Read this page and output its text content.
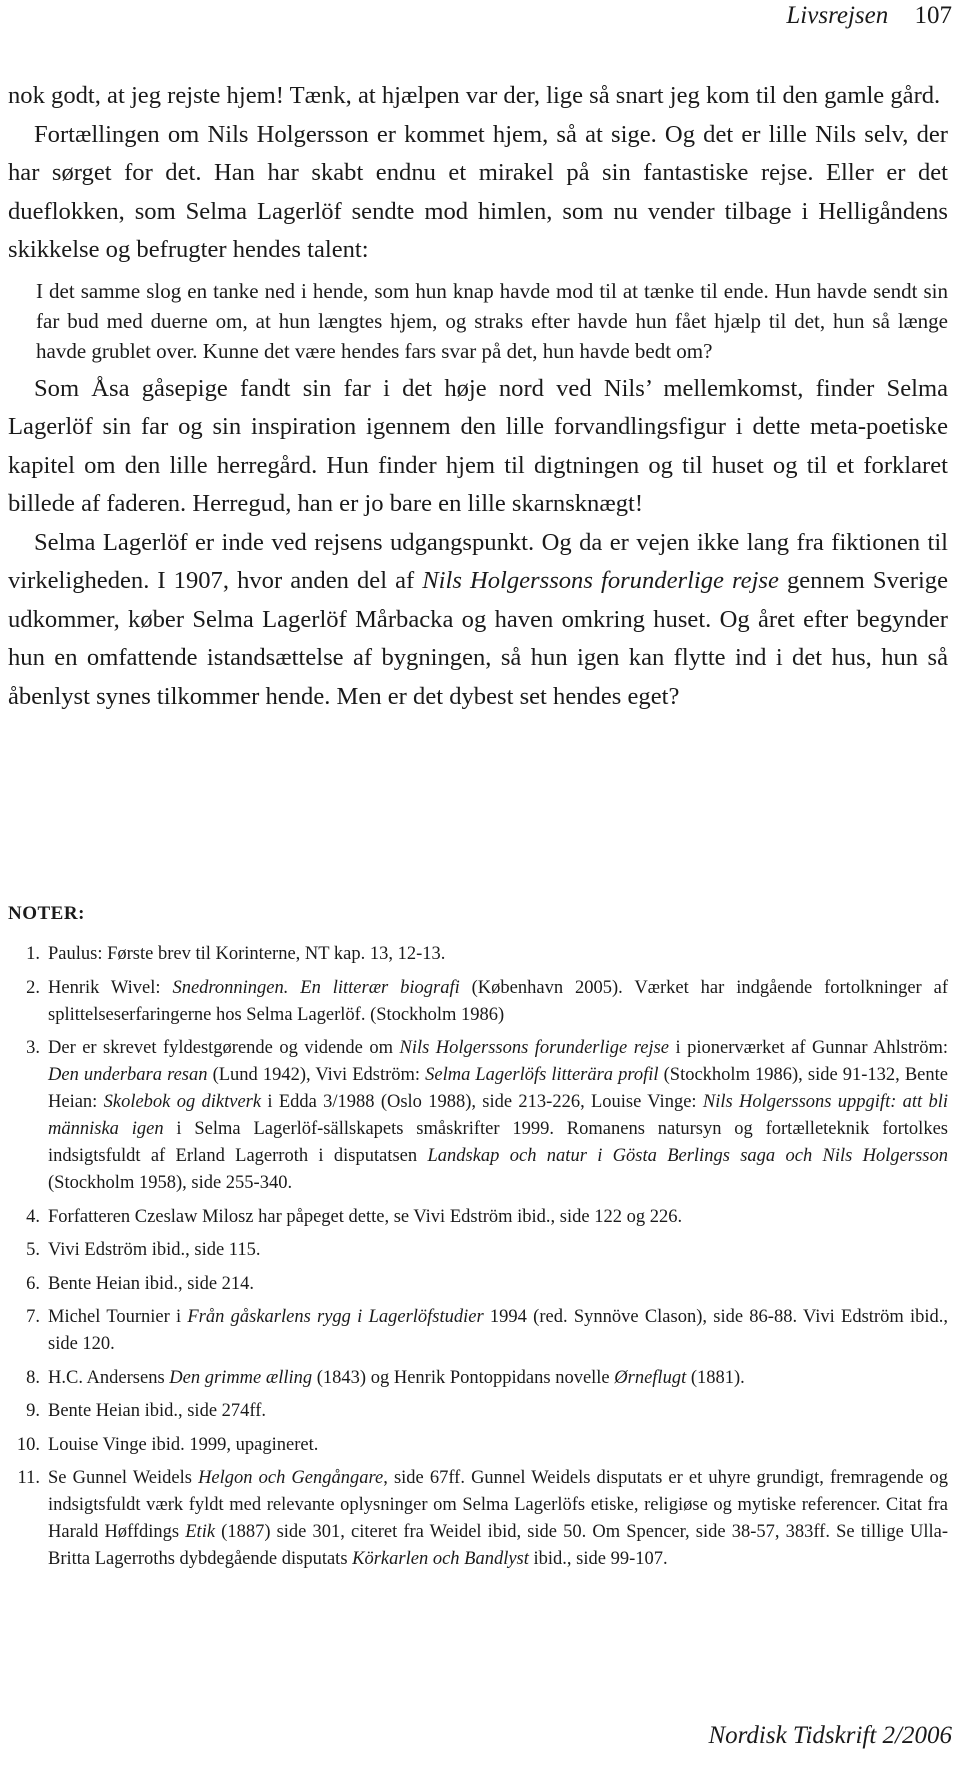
Livsrejsen 107

nok godt, at jeg rejste hjem! Tænk, at hjælpen var der, lige så snart jeg kom til den gamle gård.

Fortællingen om Nils Holgersson er kommet hjem, så at sige. Og det er lille Nils selv, der har sørget for det. Han har skabt endnu et mirakel på sin fantastiske rejse. Eller er det dueflokken, som Selma Lagerlöf sendte mod himlen, som nu vender tilbage i Helligåndens skikkelse og befrugter hendes talent:

I det samme slog en tanke ned i hende, som hun knap havde mod til at tænke til ende. Hun havde sendt sin far bud med duerne om, at hun længtes hjem, og straks efter havde hun fået hjælp til det, hun så længe havde grublet over. Kunne det være hendes fars svar på det, hun havde bedt om?

Som Åsa gåsepige fandt sin far i det høje nord ved Nils’ mellemkomst, finder Selma Lagerlöf sin far og sin inspiration igennem den lille forvandlingsfigur i dette meta-poetiske kapitel om den lille herregård. Hun finder hjem til digtningen og til huset og til et forklaret billede af faderen. Herregud, han er jo bare en lille skarnsknægt!

Selma Lagerlöf er inde ved rejsens udgangspunkt. Og da er vejen ikke lang fra fiktionen til virkeligheden. I 1907, hvor anden del af Nils Holgerssons forunderlige rejse gennem Sverige udkommer, køber Selma Lagerlöf Mårbacka og haven omkring huset. Og året efter begynder hun en omfattende istandsættelse af bygningen, så hun igen kan flytte ind i det hus, hun så åbenlyst synes tilkommer hende. Men er det dybest set hendes eget?

NOTER:
1. Paulus: Første brev til Korinterne, NT kap. 13, 12-13.
2. Henrik Wivel: Snedronningen. En litterær biografi (København 2005). Værket har indgående fortolkninger af splittelseserfaringerne hos Selma Lagerlöf. (Stockholm 1986)
3. Der er skrevet fyldestgørende og vidende om Nils Holgerssons forunderlige rejse i pionerværket af Gunnar Ahlström: Den underbara resan (Lund 1942), Vivi Edström: Selma Lagerlöfs litterära profil (Stockholm 1986), side 91-132, Bente Heian: Skolebok og diktverk i Edda 3/1988 (Oslo 1988), side 213-226, Louise Vinge: Nils Holgerssons uppgift: att bli människa igen i Selma Lagerlöf-sällskapets småskrifter 1999. Romanens natursyn og fortælleteknik fortolkes indsigtsfuldt af Erland Lagerroth i disputatsen Landskap och natur i Gösta Berlings saga och Nils Holgersson (Stockholm 1958), side 255-340.
4. Forfatteren Czeslaw Milosz har påpeget dette, se Vivi Edström ibid., side 122 og 226.
5. Vivi Edström ibid., side 115.
6. Bente Heian ibid., side 214.
7. Michel Tournier i Från gåskarlens rygg i Lagerlöfstudier 1994 (red. Synnöve Clason), side 86-88. Vivi Edström ibid., side 120.
8. H.C. Andersens Den grimme ælling (1843) og Henrik Pontoppidans novelle Ørneflugt (1881).
9. Bente Heian ibid., side 274ff.
10. Louise Vinge ibid. 1999, upagineret.
11. Se Gunnel Weidels Helgon och Gengångare, side 67ff. Gunnel Weidels disputats er et uhyre grundigt, fremragende og indsigtsfuldt værk fyldt med relevante oplysninger om Selma Lagerlöfs etiske, religiøse og mytiske referencer. Citat fra Harald Høffdings Etik (1887) side 301, citeret fra Weidel ibid, side 50. Om Spencer, side 38-57, 383ff. Se tillige Ulla-Britta Lagerroths dybdegående disputats Körkarlen och Bandlyst ibid., side 99-107.
Nordisk Tidskrift 2/2006
